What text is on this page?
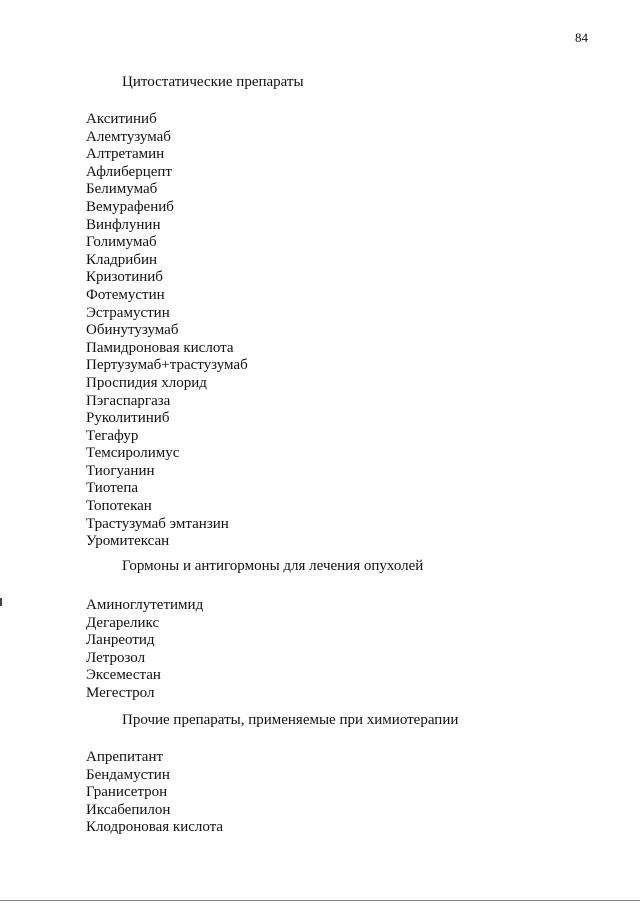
84
Цитостатические препараты
Акситиниб
Алемтузумаб
Алтретамин
Афлиберцепт
Белимумаб
Вемурафениб
Винфлунин
Голимумаб
Кладрибин
Кризотиниб
Фотемустин
Эстрамустин
Обинутузумаб
Памидроновая кислота
Пертузумаб+трастузумаб
Проспидия хлорид
Пэгаспаргаза
Руколитиниб
Тегафур
Темсиролимус
Тиогуанин
Тиотепа
Топотекан
Трастузумаб эмтанзин
Уромитексан
Гормоны и антигормоны для лечения опухолей
Аминоглутетимид
Дегареликс
Ланреотид
Летрозол
Эксеместан
Мегестрол
Прочие препараты, применяемые при химиотерапии
Апрепитант
Бендамустин
Гранисетрон
Иксабепилон
Клодроновая кислота
